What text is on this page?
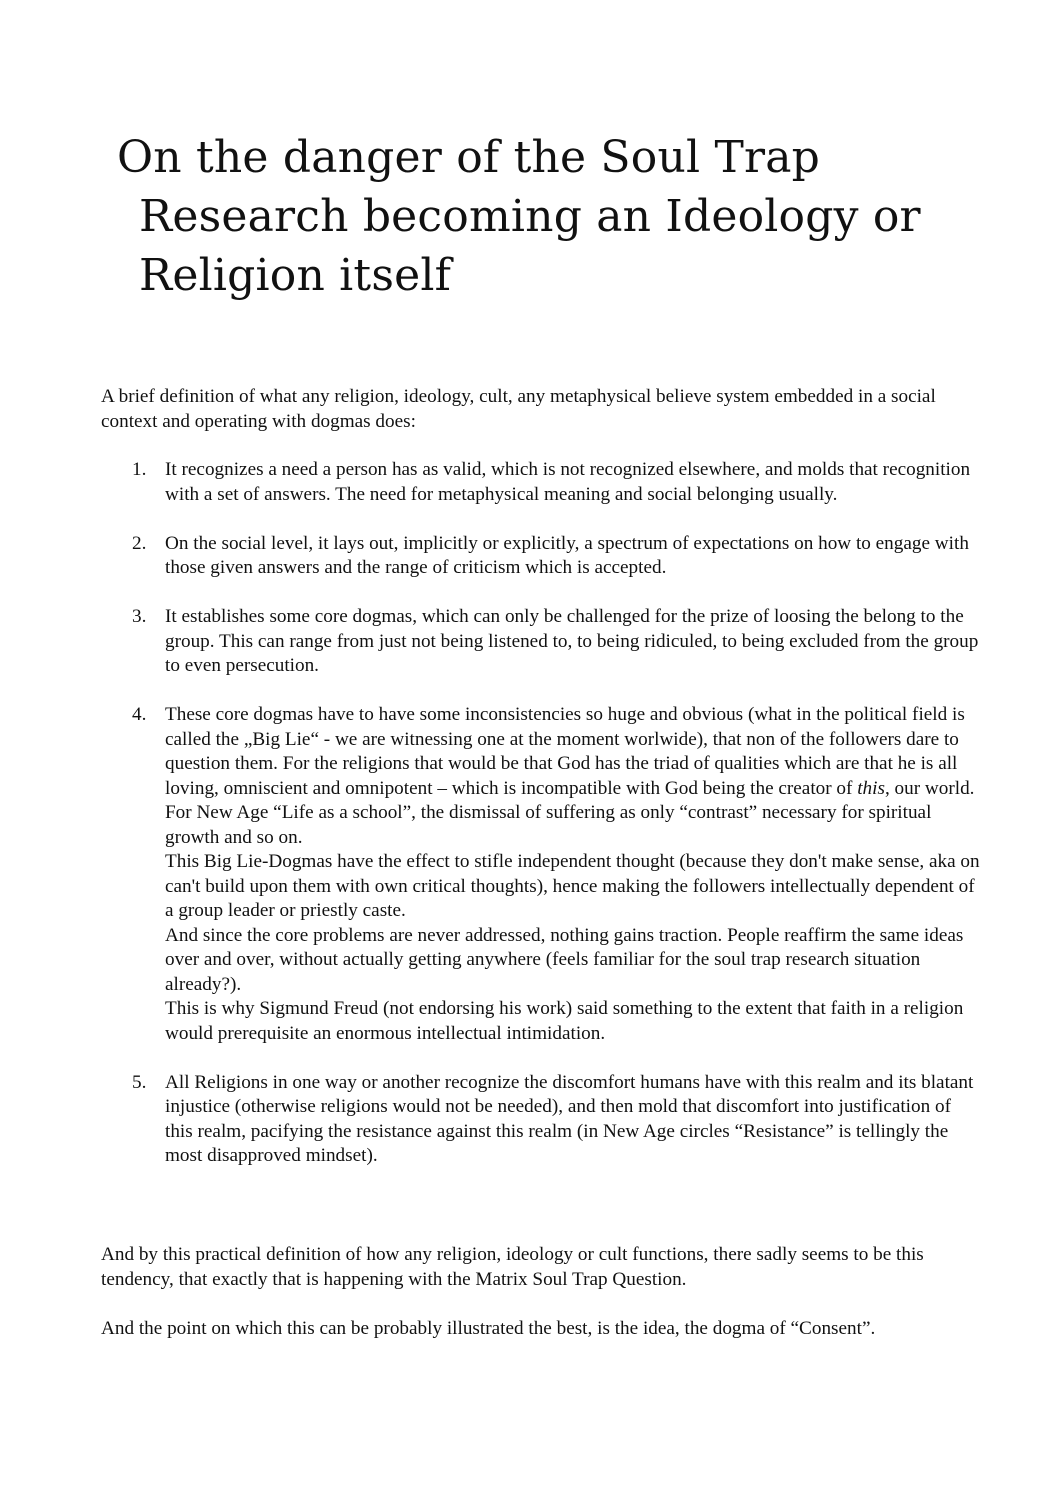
On the danger of the Soul Trap
Research becoming an Ideology or
Religion itself

A brief definition of what any religion, ideology, cult, any metaphysical believe system embedded in a social context and operating with dogmas does:

1. It recognizes a need a person has as valid, which is not recognized elsewhere, and molds that recognition with a set of answers. The need for metaphysical meaning and social belonging usually.

2. On the social level, it lays out, implicitly or explicitly, a spectrum of expectations on how to engage with those given answers and the range of criticism which is accepted.

3. It establishes some core dogmas, which can only be challenged for the prize of loosing the belong to the group. This can range from just not being listened to, to being ridiculed, to being excluded from the group to even persecution.

4. These core dogmas have to have some inconsistencies so huge and obvious (what in the political field is called the „Big Lie“ - we are witnessing one at the moment worlwide), that non of the followers dare to question them. For the religions that would be that God has the triad of qualities which are that he is all loving, omniscient and omnipotent – which is incompatible with God being the creator of this, our world. For New Age “Life as a school”, the dismissal of suffering as only “contrast” necessary for spiritual growth and so on.

This Big Lie-Dogmas have the effect to stifle independent thought (because they don't make sense, aka on can't build upon them with own critical thoughts), hence making the followers intellectually dependent of a group leader or priestly caste.

And since the core problems are never addressed, nothing gains traction. People reaffirm the same ideas over and over, without actually getting anywhere (feels familiar for the soul trap research situation already?).

This is why Sigmund Freud (not endorsing his work) said something to the extent that faith in a religion would prerequisite an enormous intellectual intimidation.

5. All Religions in one way or another recognize the discomfort humans have with this realm and its blatant injustice (otherwise religions would not be needed), and then mold that discomfort into justification of this realm, pacifying the resistance against this realm (in New Age circles “Resistance” is tellingly the most disapproved mindset).

And by this practical definition of how any religion, ideology or cult functions, there sadly seems to be this tendency, that exactly that is happening with the Matrix Soul Trap Question.

And the point on which this can be probably illustrated the best, is the idea, the dogma of “Consent”.
